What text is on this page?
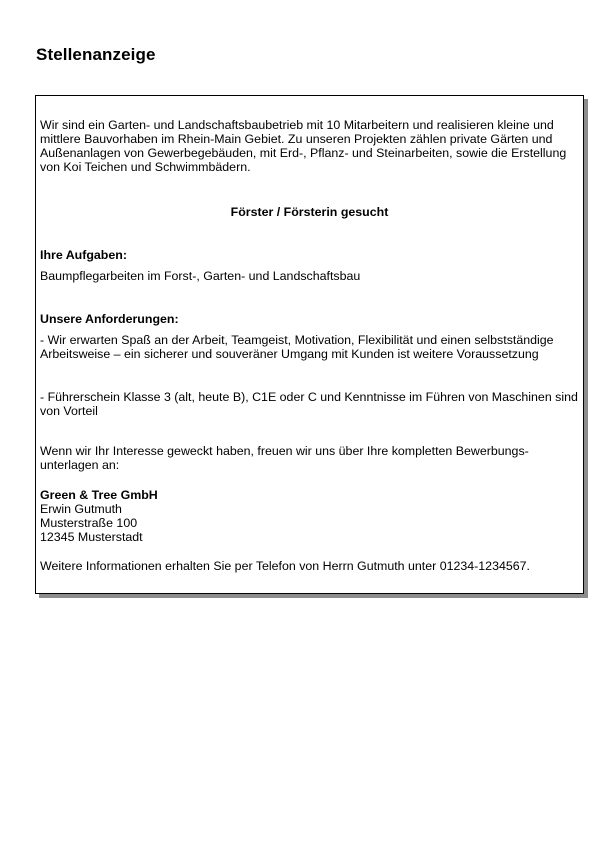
Stellenanzeige

Wir sind ein Garten- und Landschaftsbaubetrieb mit 10 Mitarbeitern und realisieren kleine und mittlere Bauvorhaben im Rhein-Main Gebiet. Zu unseren Projekten zählen private Gärten und Außenanlagen von Gewerbegebäuden, mit Erd-, Pflanz- und Steinarbeiten, sowie die Erstellung von Koi Teichen und Schwimmbädern.

Förster / Försterin gesucht

Ihre Aufgaben:

Baumpflegarbeiten im Forst-, Garten- und Landschaftsbau

Unsere Anforderungen:

- Wir erwarten Spaß an der Arbeit, Teamgeist, Motivation, Flexibilität und einen selbstständige Arbeitsweise – ein sicherer und souveräner Umgang mit Kunden ist weitere Voraussetzung

- Führerschein Klasse 3 (alt, heute B), C1E oder C und Kenntnisse im Führen von Maschinen sind von Vorteil

Wenn wir Ihr Interesse geweckt haben, freuen wir uns über Ihre kompletten Bewerbungs-unterlagen an:

Green & Tree GmbH

Erwin Gutmuth

Musterstraße 100

12345 Musterstadt

Weitere Informationen erhalten Sie per Telefon von Herrn Gutmuth unter 01234-1234567.
